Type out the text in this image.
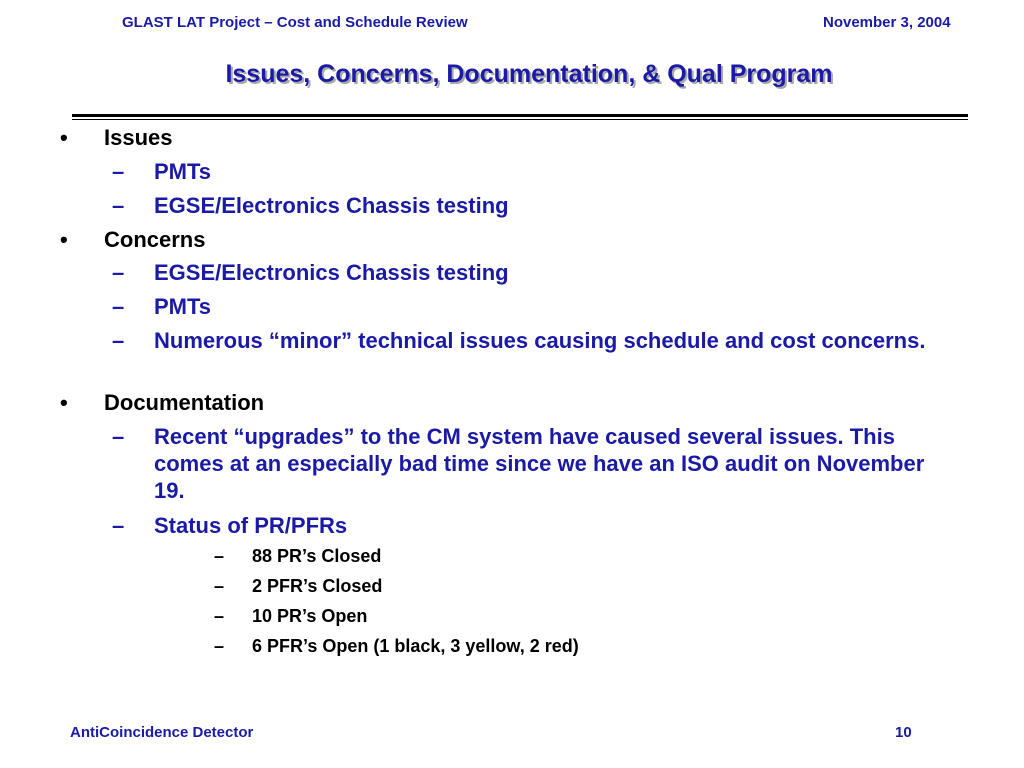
GLAST LAT Project – Cost and Schedule Review	November 3, 2004
Issues, Concerns, Documentation, & Qual Program
• Issues
– PMTs
– EGSE/Electronics Chassis testing
• Concerns
– EGSE/Electronics Chassis testing
– PMTs
– Numerous “minor” technical issues causing schedule and cost concerns.
• Documentation
– Recent “upgrades” to the CM system have caused several issues. This comes at an especially bad time since we have an ISO audit on November 19.
– Status of PR/PFRs
– 88 PR’s Closed
– 2 PFR’s Closed
– 10 PR’s Open
– 6 PFR’s Open (1 black, 3 yellow, 2 red)
AntiCoincidence Detector	10
